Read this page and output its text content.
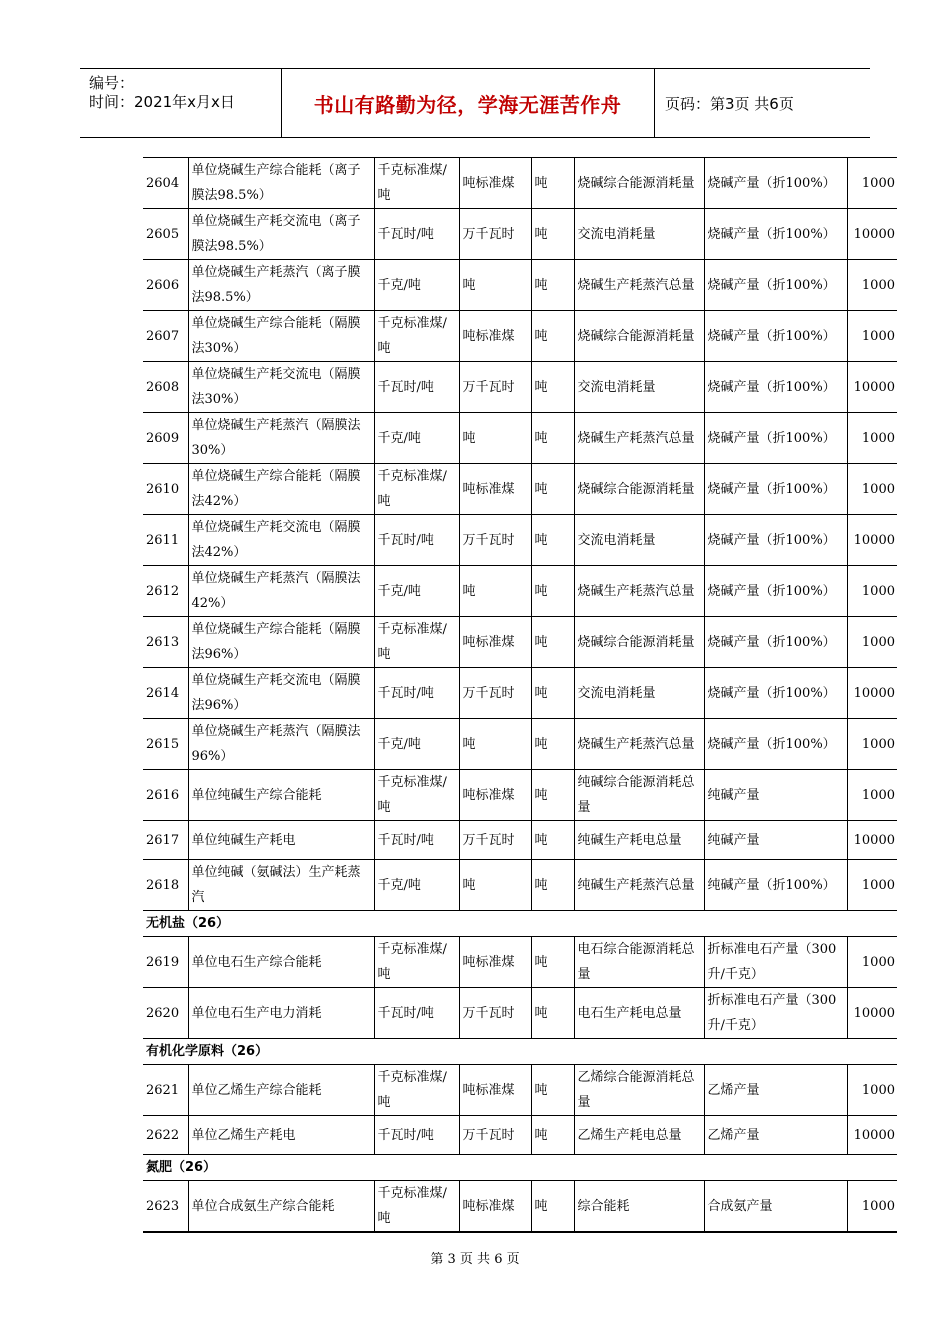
编号：
时间：2021年x月x日	书山有路勤为径，学海无涯苦作舟	页码：第3页 共6页
2604	单位烧碱生产综合能耗（离子膜法98.5%）	千克标准煤/吨	吨标准煤	吨	烧碱综合能源消耗量	烧碱产量（折100%）	1000
2605	单位烧碱生产耗交流电（离子膜法98.5%）	千瓦时/吨	万千瓦时	吨	交流电消耗量	烧碱产量（折100%）	10000
2606	单位烧碱生产耗蒸汽（离子膜法98.5%）	千克/吨	吨	吨	烧碱生产耗蒸汽总量	烧碱产量（折100%）	1000
2607	单位烧碱生产综合能耗（隔膜法30%）	千克标准煤/吨	吨标准煤	吨	烧碱综合能源消耗量	烧碱产量（折100%）	1000
2608	单位烧碱生产耗交流电（隔膜法30%）	千瓦时/吨	万千瓦时	吨	交流电消耗量	烧碱产量（折100%）	10000
2609	单位烧碱生产耗蒸汽（隔膜法30%）	千克/吨	吨	吨	烧碱生产耗蒸汽总量	烧碱产量（折100%）	1000
2610	单位烧碱生产综合能耗（隔膜法42%）	千克标准煤/吨	吨标准煤	吨	烧碱综合能源消耗量	烧碱产量（折100%）	1000
2611	单位烧碱生产耗交流电（隔膜法42%）	千瓦时/吨	万千瓦时	吨	交流电消耗量	烧碱产量（折100%）	10000
2612	单位烧碱生产耗蒸汽（隔膜法42%）	千克/吨	吨	吨	烧碱生产耗蒸汽总量	烧碱产量（折100%）	1000
2613	单位烧碱生产综合能耗（隔膜法96%）	千克标准煤/吨	吨标准煤	吨	烧碱综合能源消耗量	烧碱产量（折100%）	1000
2614	单位烧碱生产耗交流电（隔膜法96%）	千瓦时/吨	万千瓦时	吨	交流电消耗量	烧碱产量（折100%）	10000
2615	单位烧碱生产耗蒸汽（隔膜法96%）	千克/吨	吨	吨	烧碱生产耗蒸汽总量	烧碱产量（折100%）	1000
2616	单位纯碱生产综合能耗	千克标准煤/吨	吨标准煤	吨	纯碱综合能源消耗总量	纯碱产量	1000
2617	单位纯碱生产耗电	千瓦时/吨	万千瓦时	吨	纯碱生产耗电总量	纯碱产量	10000
2618	单位纯碱（氨碱法）生产耗蒸汽	千克/吨	吨	吨	纯碱生产耗蒸汽总量	纯碱产量（折100%）	1000
无机盐（26）							
2619	单位电石生产综合能耗	千克标准煤/吨	吨标准煤	吨	电石综合能源消耗总量	折标准电石产量（300升/千克）	1000
2620	单位电石生产电力消耗	千瓦时/吨	万千瓦时	吨	电石生产耗电总量	折标准电石产量（300升/千克）	10000
有机化学原料（26）							
2621	单位乙烯生产综合能耗	千克标准煤/吨	吨标准煤	吨	乙烯综合能源消耗总量	乙烯产量	1000
2622	单位乙烯生产耗电	千瓦时/吨	万千瓦时	吨	乙烯生产耗电总量	乙烯产量	10000
氮肥（26）							
2623	单位合成氨生产综合能耗	千克标准煤/吨	吨标准煤	吨	综合能耗	合成氨产量	1000
第 3 页 共 6 页
